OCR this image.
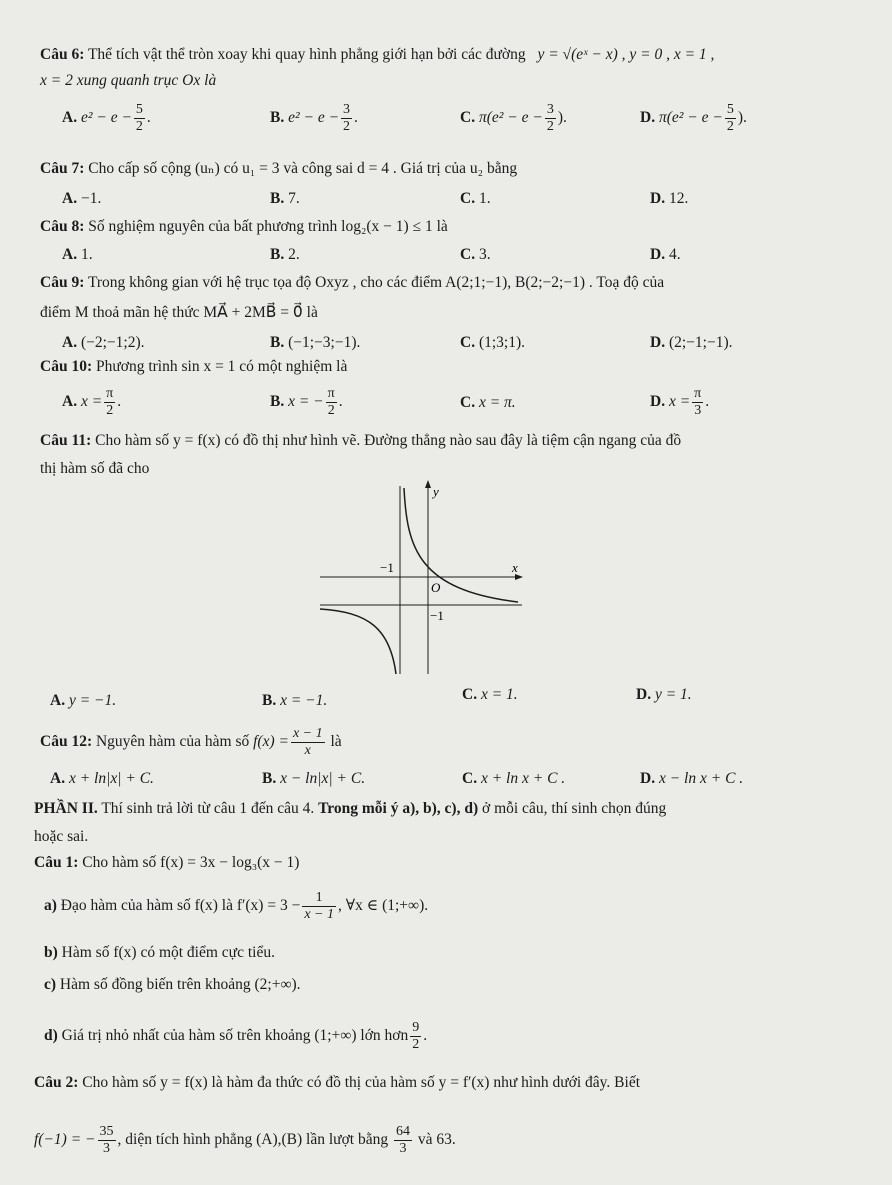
Câu 6: Thể tích vật thể tròn xoay khi quay hình phẳng giới hạn bởi các đường y = √(eˣ − x) , y = 0 , x = 1 ,
x = 2 xung quanh trục Ox là
A. $e^2 - e - \frac{5}{2}$ .	B. $e^2 - e - \frac{3}{2}$ .	C. $\pi(e^2 - e - \frac{3}{2}$ ).	D. $\pi(e^2 - e - \frac{5}{2}$ ).
Câu 7: Cho cấp số cộng (uₙ) có u₁ = 3 và công sai d = 4 . Giá trị của u₂ bằng
A. −1.	B. 7.	C. 1.	D. 12.
Câu 8: Số nghiệm nguyên của bất phương trình log₂(x − 1) ≤ 1 là
A. 1.	B. 2.	C. 3.	D. 4.
Câu 9: Trong không gian với hệ trục tọa độ Oxyz , cho các điểm A(2;1;−1), B(2;−2;−1) . Toạ độ của
điểm M thoả mãn hệ thức MA⃗ + 2MB⃗ = 0⃗ là
A. (−2;−1;2).	B. (−1;−3;−1).	C. (1;3;1).	D. (2;−1;−1).
Câu 10: Phương trình sin x = 1 có một nghiệm là
A. $x = \frac{\pi}{2}$ .	B. x = − $\frac{\pi}{2}$ .	C. x = π.	D. $x = \frac{\pi}{3}$ .
Câu 11: Cho hàm số y = f(x) có đồ thị như hình vẽ. Đường thẳng nào sau đây là tiệm cận ngang của đồ
thị hàm số đã cho
y
x
O
−1
−1
A. y = −1.	B. x = −1.	C. x = 1.	D. y = 1.
Câu 12: Nguyên hàm của hàm số $f(x) = \frac{x - 1}{x}$ là
A. x + ln|x| + C.	B. x − ln|x| + C.	C. x + ln x + C .	D. x − ln x + C .
PHẦN II. Thí sinh trả lời từ câu 1 đến câu 4. Trong mỗi ý a), b), c), d) ở mỗi câu, thí sinh chọn đúng
hoặc sai.
Câu 1: Cho hàm số f(x) = 3x − log₃(x − 1)
a) Đạo hàm của hàm số f(x) là $f'(x) = 3 - \frac{1}{x - 1}$ , ∀x ∈ (1;+∞).
b) Hàm số f(x) có một điểm cực tiểu.
c) Hàm số đồng biến trên khoảng (2;+∞).
d) Giá trị nhỏ nhất của hàm số trên khoảng (1;+∞) lớn hơn $\frac{9}{2}$ .
Câu 2: Cho hàm số y = f(x) là hàm đa thức có đồ thị của hàm số y = f′(x) như hình dưới đây. Biết
f(−1) = − $\frac{35}{3}$ , diện tích hình phẳng (A),(B) lần lượt bằng $\frac{64}{3}$ và 63.
